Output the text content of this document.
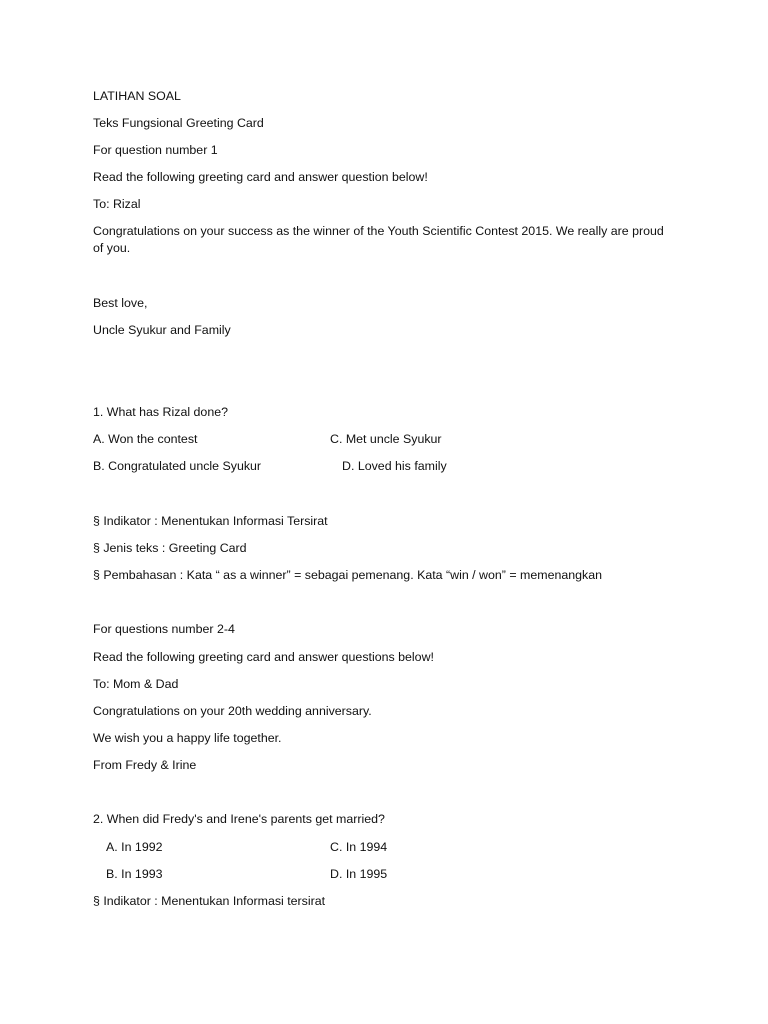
LATIHAN SOAL
Teks Fungsional Greeting Card
For question number 1
Read the following greeting card and answer question below!
To: Rizal
Congratulations on your success as the winner of the Youth Scientific Contest 2015. We really are proud of you.
Best love,
Uncle Syukur and Family
1. What has Rizal done?
A. Won the contest	C. Met uncle Syukur
B. Congratulated uncle Syukur	D. Loved his family
§ Indikator : Menentukan Informasi Tersirat
§ Jenis teks : Greeting Card
§ Pembahasan : Kata “ as a winner” = sebagai pemenang. Kata “win / won” = memenangkan
For questions number 2-4
Read the following greeting card and answer questions below!
To: Mom & Dad
Congratulations on your 20th wedding anniversary.
We wish you a happy life together.
From Fredy & Irine
2. When did Fredy's and Irene's parents get married?
A. In 1992	C. In 1994
B. In 1993	D. In 1995
§ Indikator : Menentukan Informasi tersirat
